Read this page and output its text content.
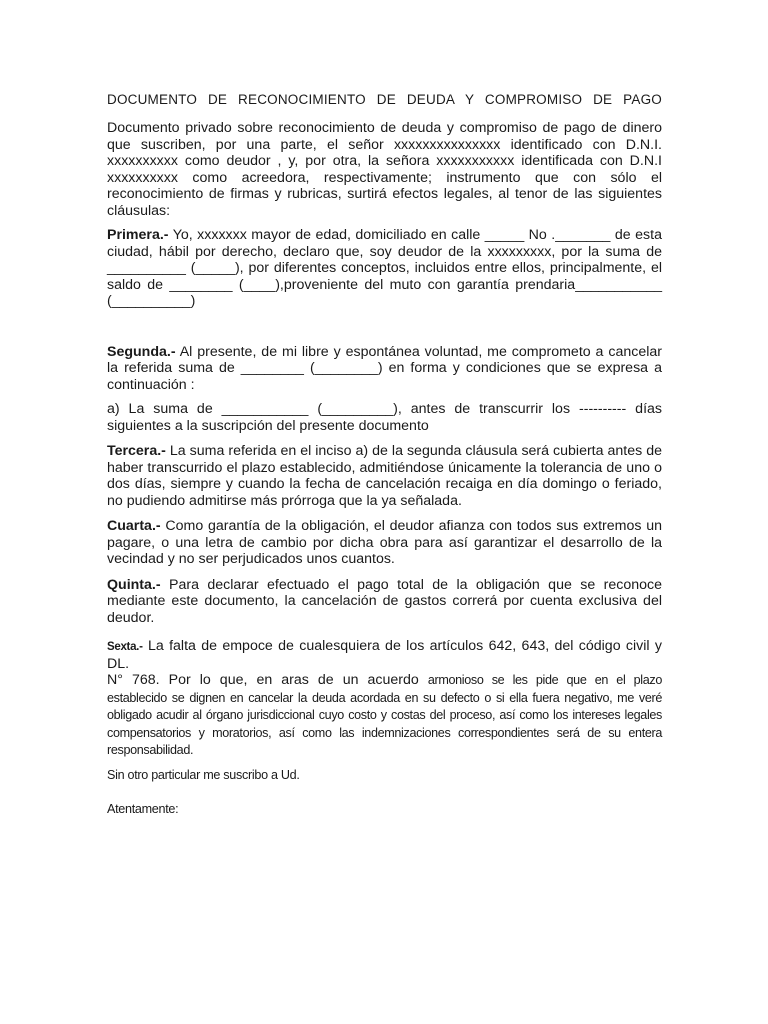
DOCUMENTO DE RECONOCIMIENTO DE DEUDA Y COMPROMISO DE PAGO

Documento privado sobre reconocimiento de deuda y compromiso de pago de dinero que suscriben, por una parte, el señor xxxxxxxxxxxxxxx identificado con D.N.I. xxxxxxxxxx como deudor , y, por otra, la señora xxxxxxxxxxx identificada con D.N.I xxxxxxxxxx como acreedora, respectivamente; instrumento que con sólo el reconocimiento de firmas y rubricas, surtirá efectos legales, al tenor de las siguientes cláusulas:

Primera.- Yo, xxxxxxx mayor de edad, domiciliado en calle _____ No ._______ de esta ciudad, hábil por derecho, declaro que, soy deudor de la xxxxxxxxx, por la suma de __________ (_____), por diferentes conceptos, incluidos entre ellos, principalmente, el saldo de ________ (____),proveniente del muto con garantía prendaria___________ (__________)

Segunda.- Al presente, de mi libre y espontánea voluntad, me comprometo a cancelar la referida suma de ________ (________) en forma y condiciones que se expresa a continuación :

a) La suma de ___________ (_________), antes de transcurrir los ---------- días siguientes a la suscripción del presente documento

Tercera.- La suma referida en el inciso a) de la segunda cláusula será cubierta antes de haber transcurrido el plazo establecido, admitiéndose únicamente la tolerancia de uno o dos días, siempre y cuando la fecha de cancelación recaiga en día domingo o feriado, no pudiendo admitirse más prórroga que la ya señalada.

Cuarta.- Como garantía de la obligación, el deudor afianza con todos sus extremos un pagare, o una letra de cambio por dicha obra para así garantizar el desarrollo de la vecindad y no ser perjudicados unos cuantos.

Quinta.- Para declarar efectuado el pago total de la obligación que se reconoce mediante este documento, la cancelación de gastos correrá por cuenta exclusiva del deudor.

Sexta.- La falta de empoce de cualesquiera de los artículos 642, 643, del código civil y DL.
N° 768. Por lo que, en aras de un acuerdo armonioso se les pide que en el plazo
establecido se dignen en cancelar la deuda acordada en su defecto o si ella fuera negativo, me veré obligado acudir al órgano jurisdiccional cuyo costo y costas del proceso, así como los intereses legales compensatorios y moratorios, así como las indemnizaciones correspondientes será de su entera responsabilidad.

Sin otro particular me suscribo a Ud.

Atentamente:
